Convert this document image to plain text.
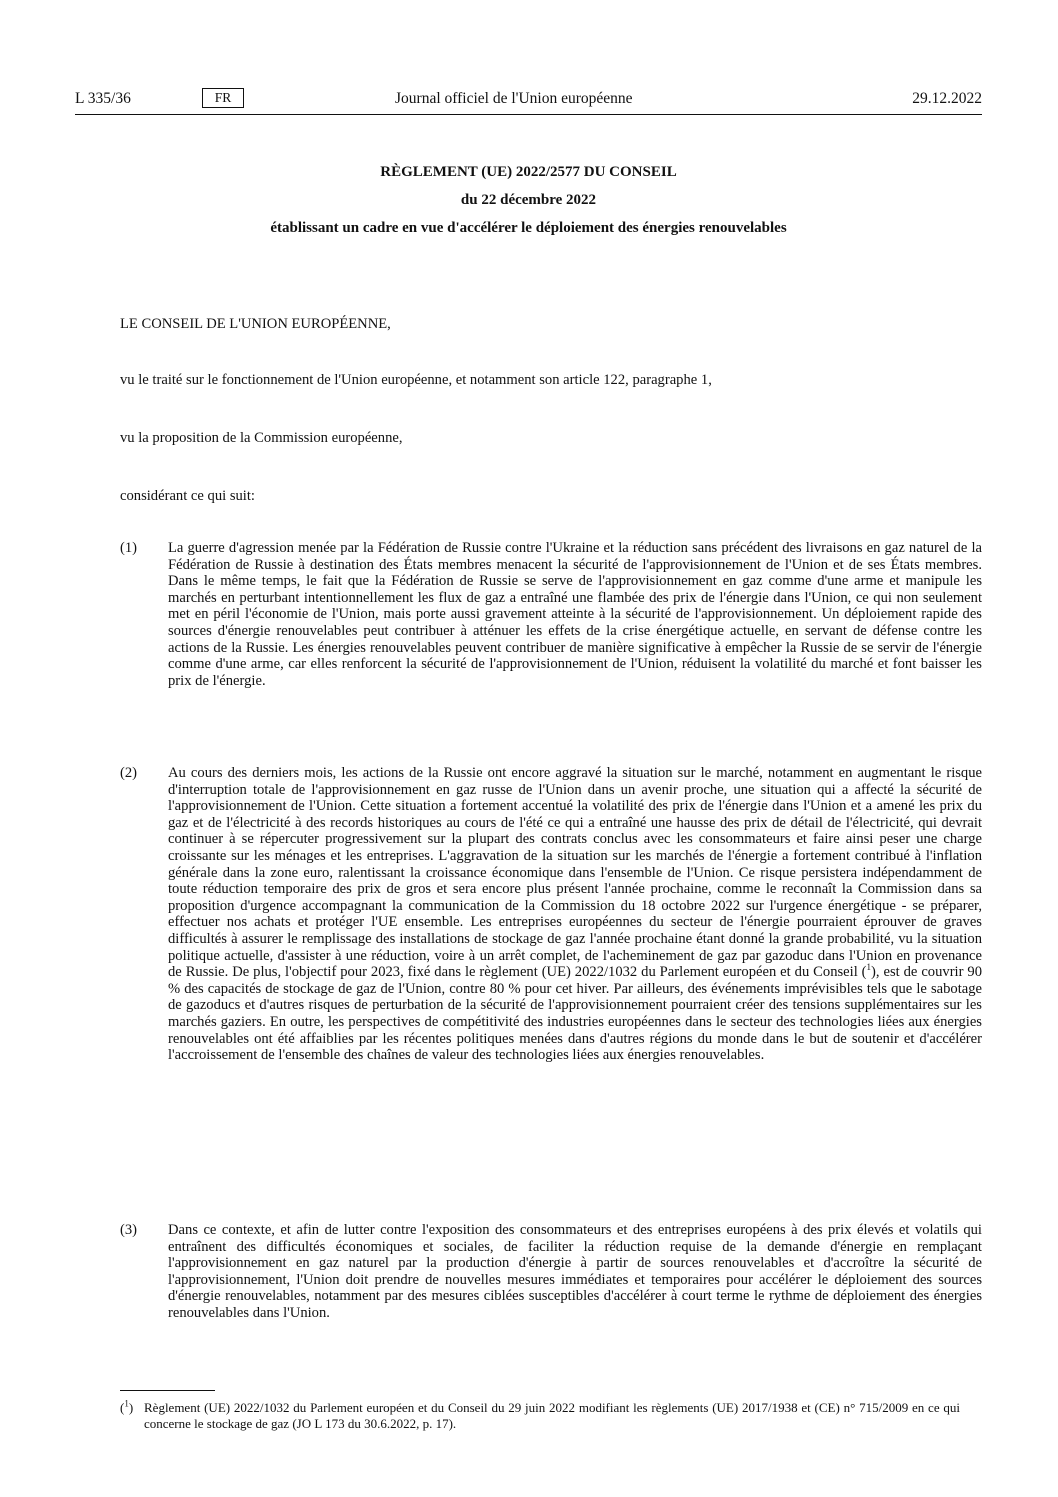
L 335/36	FR	Journal officiel de l'Union européenne	29.12.2022
RÈGLEMENT (UE) 2022/2577 DU CONSEIL
du 22 décembre 2022
établissant un cadre en vue d'accélérer le déploiement des énergies renouvelables
LE CONSEIL DE L'UNION EUROPÉENNE,
vu le traité sur le fonctionnement de l'Union européenne, et notamment son article 122, paragraphe 1,
vu la proposition de la Commission européenne,
considérant ce qui suit:
(1) La guerre d'agression menée par la Fédération de Russie contre l'Ukraine et la réduction sans précédent des livraisons en gaz naturel de la Fédération de Russie à destination des États membres menacent la sécurité de l'approvisionnement de l'Union et de ses États membres. Dans le même temps, le fait que la Fédération de Russie se serve de l'approvisionnement en gaz comme d'une arme et manipule les marchés en perturbant intentionnellement les flux de gaz a entraîné une flambée des prix de l'énergie dans l'Union, ce qui non seulement met en péril l'économie de l'Union, mais porte aussi gravement atteinte à la sécurité de l'approvisionnement. Un déploiement rapide des sources d'énergie renouvelables peut contribuer à atténuer les effets de la crise énergétique actuelle, en servant de défense contre les actions de la Russie. Les énergies renouvelables peuvent contribuer de manière significative à empêcher la Russie de se servir de l'énergie comme d'une arme, car elles renforcent la sécurité de l'approvisionnement de l'Union, réduisent la volatilité du marché et font baisser les prix de l'énergie.
(2) Au cours des derniers mois, les actions de la Russie ont encore aggravé la situation sur le marché, notamment en augmentant le risque d'interruption totale de l'approvisionnement en gaz russe de l'Union dans un avenir proche, une situation qui a affecté la sécurité de l'approvisionnement de l'Union. Cette situation a fortement accentué la volatilité des prix de l'énergie dans l'Union et a amené les prix du gaz et de l'électricité à des records historiques au cours de l'été ce qui a entraîné une hausse des prix de détail de l'électricité, qui devrait continuer à se répercuter progressivement sur la plupart des contrats conclus avec les consommateurs et faire ainsi peser une charge croissante sur les ménages et les entreprises. L'aggravation de la situation sur les marchés de l'énergie a fortement contribué à l'inflation générale dans la zone euro, ralentissant la croissance économique dans l'ensemble de l'Union. Ce risque persistera indépendamment de toute réduction temporaire des prix de gros et sera encore plus présent l'année prochaine, comme le reconnaît la Commission dans sa proposition d'urgence accompagnant la communication de la Commission du 18 octobre 2022 sur l'urgence énergétique - se préparer, effectuer nos achats et protéger l'UE ensemble. Les entreprises européennes du secteur de l'énergie pourraient éprouver de graves difficultés à assurer le remplissage des installations de stockage de gaz l'année prochaine étant donné la grande probabilité, vu la situation politique actuelle, d'assister à une réduction, voire à un arrêt complet, de l'acheminement de gaz par gazoduc dans l'Union en provenance de Russie. De plus, l'objectif pour 2023, fixé dans le règlement (UE) 2022/1032 du Parlement européen et du Conseil ($^1$), est de couvrir 90 % des capacités de stockage de gaz de l'Union, contre 80 % pour cet hiver. Par ailleurs, des événements imprévisibles tels que le sabotage de gazoducs et d'autres risques de perturbation de la sécurité de l'approvisionnement pourraient créer des tensions supplémentaires sur les marchés gaziers. En outre, les perspectives de compétitivité des industries européennes dans le secteur des technologies liées aux énergies renouvelables ont été affaiblies par les récentes politiques menées dans d'autres régions du monde dans le but de soutenir et d'accélérer l'accroissement de l'ensemble des chaînes de valeur des technologies liées aux énergies renouvelables.
(3) Dans ce contexte, et afin de lutter contre l'exposition des consommateurs et des entreprises européens à des prix élevés et volatils qui entraînent des difficultés économiques et sociales, de faciliter la réduction requise de la demande d'énergie en remplaçant l'approvisionnement en gaz naturel par la production d'énergie à partir de sources renouvelables et d'accroître la sécurité de l'approvisionnement, l'Union doit prendre de nouvelles mesures immédiates et temporaires pour accélérer le déploiement des sources d'énergie renouvelables, notamment par des mesures ciblées susceptibles d'accélérer à court terme le rythme de déploiement des énergies renouvelables dans l'Union.
($^1$) Règlement (UE) 2022/1032 du Parlement européen et du Conseil du 29 juin 2022 modifiant les règlements (UE) 2017/1938 et (CE) n° 715/2009 en ce qui concerne le stockage de gaz (JO L 173 du 30.6.2022, p. 17).
